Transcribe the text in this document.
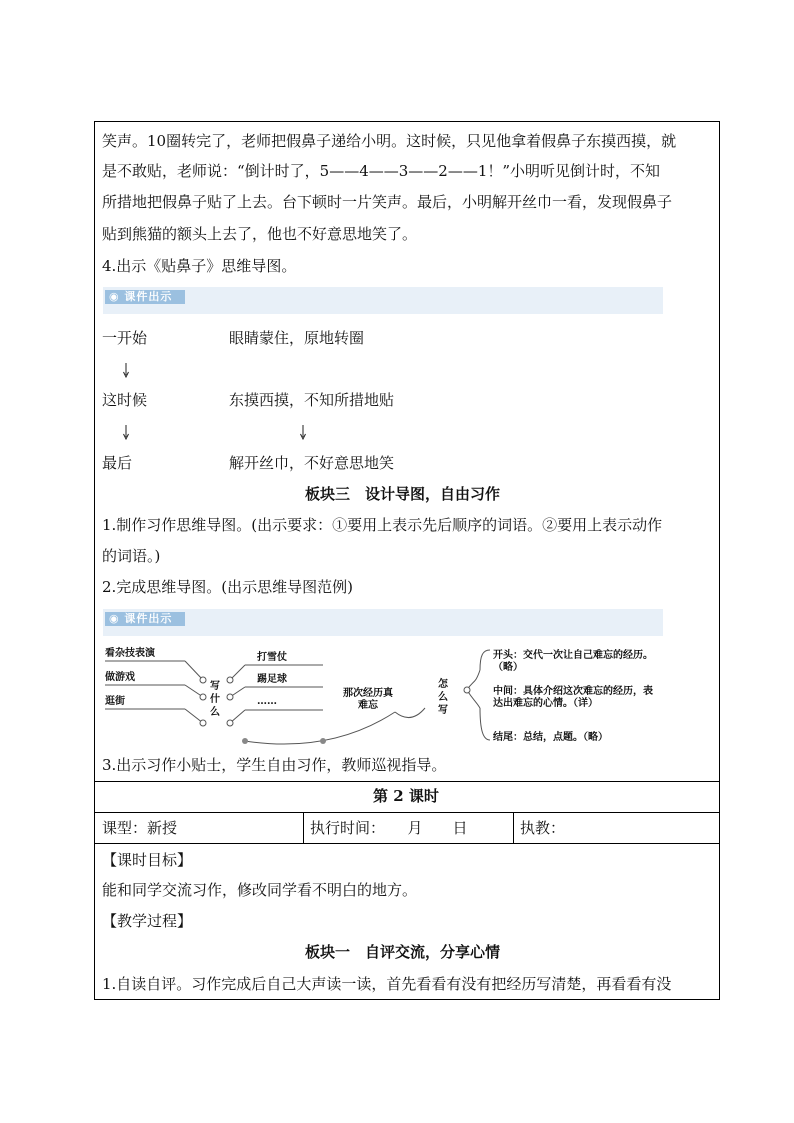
笑声。10圈转完了，老师把假鼻子递给小明。这时候，只见他拿着假鼻子东摸西摸，就
是不敢贴，老师说：“倒计时了，5——4——3——2——1！”小明听见倒计时，不知
所措地把假鼻子贴了上去。台下顿时一片笑声。最后，小明解开丝巾一看，发现假鼻子
贴到熊猫的额头上去了，他也不好意思地笑了。
4.出示《贴鼻子》思维导图。
◉ 课件出示
一开始	眼睛蒙住，原地转圈
这时候	东摸西摸，不知所措地贴
最后	解开丝巾，不好意思地笑
板块三　设计导图，自由习作
1.制作习作思维导图。(出示要求：①要用上表示先后顺序的词语。②要用上表示动作
的词语。)
2.完成思维导图。(出示思维导图范例)
◉ 课件出示
看杂技表演
做游戏
逛街
写什么
打雪仗
踢足球
……
那次经历真难忘
怎么写
开头：交代一次让自己难忘的经历。（略）
中间：具体介绍这次难忘的经历，表达出难忘的心情。（详）
结尾：总结，点题。（略）
3.出示习作小贴士，学生自由习作，教师巡视指导。
第 2 课时
课型：新授	执行时间：　　月　　日	执教：
【课时目标】
能和同学交流习作，修改同学看不明白的地方。
【教学过程】
板块一　自评交流，分享心情
1.自读自评。习作完成后自己大声读一读，首先看看有没有把经历写清楚，再看看有没
